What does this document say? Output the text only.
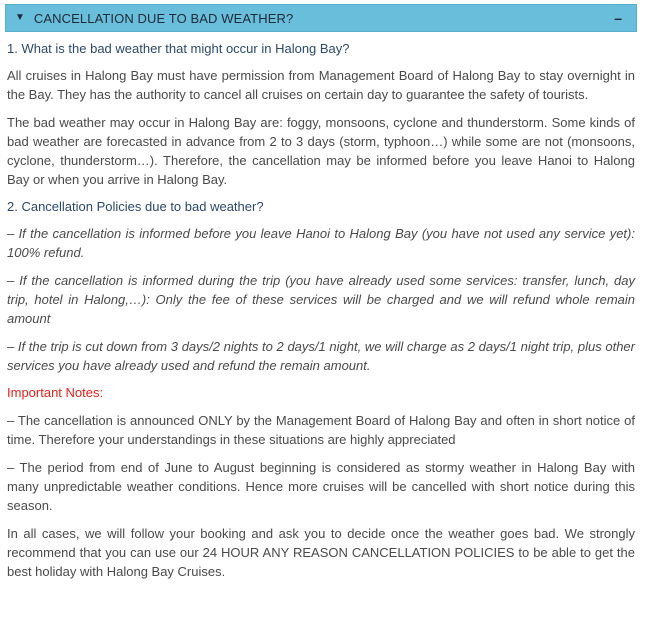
▼ CANCELLATION DUE TO BAD WEATHER?	–
1. What is the bad weather that might occur in Halong Bay?
All cruises in Halong Bay must have permission from Management Board of Halong Bay to stay overnight in the Bay. They has the authority to cancel all cruises on certain day to guarantee the safety of tourists.
The bad weather may occur in Halong Bay are: foggy, monsoons, cyclone and thunderstorm. Some kinds of bad weather are forecasted in advance from 2 to 3 days (storm, typhoon…) while some are not (monsoons, cyclone, thunderstorm…). Therefore, the cancellation may be informed before you leave Hanoi to Halong Bay or when you arrive in Halong Bay.
2. Cancellation Policies due to bad weather?
– If the cancellation is informed before you leave Hanoi to Halong Bay (you have not used any service yet): 100% refund.
– If the cancellation is informed during the trip (you have already used some services: transfer, lunch, day trip, hotel in Halong,…): Only the fee of these services will be charged and we will refund whole remain amount
– If the trip is cut down from 3 days/2 nights to 2 days/1 night, we will charge as 2 days/1 night trip, plus other services you have already used and refund the remain amount.
Important Notes:
– The cancellation is announced ONLY by the Management Board of Halong Bay and often in short notice of time. Therefore your understandings in these situations are highly appreciated
– The period from end of June to August beginning is considered as stormy weather in Halong Bay with many unpredictable weather conditions. Hence more cruises will be cancelled with short notice during this season.
In all cases, we will follow your booking and ask you to decide once the weather goes bad. We strongly recommend that you can use our 24 HOUR ANY REASON CANCELLATION POLICIES to be able to get the best holiday with Halong Bay Cruises.
